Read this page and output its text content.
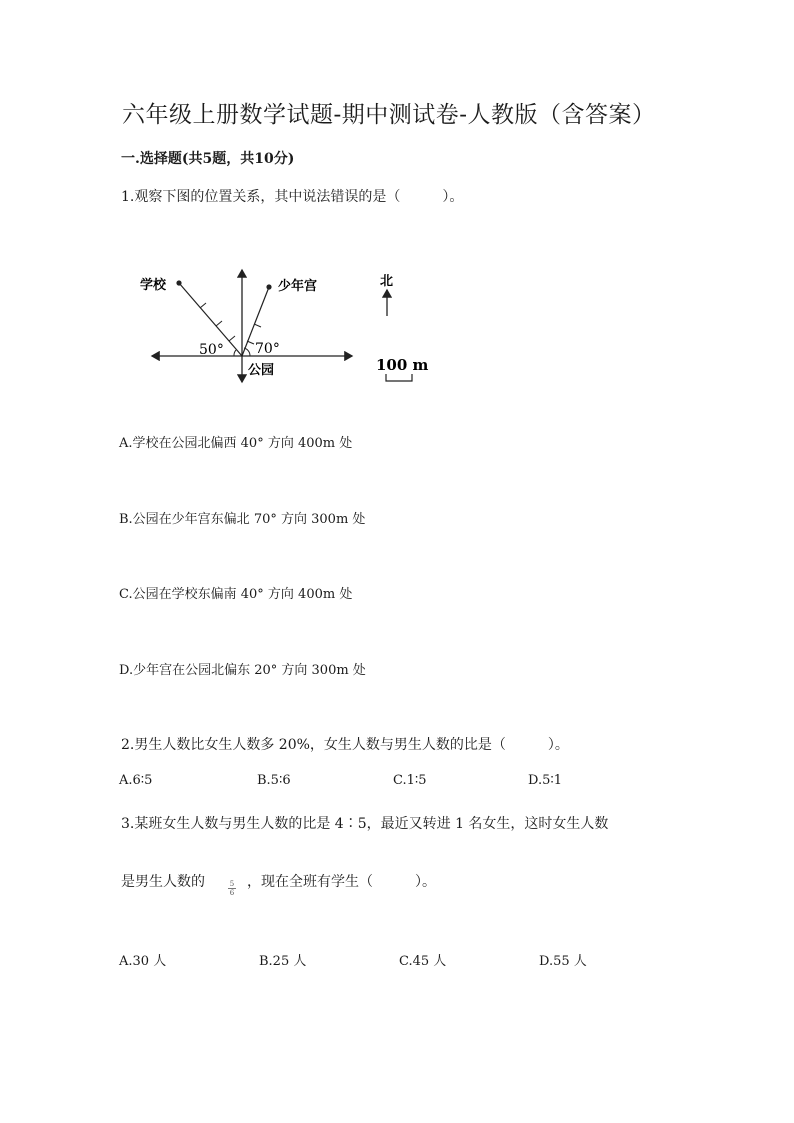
六年级上册数学试题-期中测试卷-人教版（含答案）
一.选择题(共5题，共10分)
1.观察下图的位置关系，其中说法错误的是（　　　）。
学校	少年宫
公园
50° 70°
北
100 m
A.学校在公园北偏西 40° 方向 400m 处
B.公园在少年宫东偏北 70° 方向 300m 处
C.公园在学校东偏南 40° 方向 400m 处
D.少年宫在公园北偏东 20° 方向 300m 处
2.男生人数比女生人数多 20%，女生人数与男生人数的比是（　　　）。
A.6∶5	B.5∶6	C.1∶5	D.5∶1
3.某班女生人数与男生人数的比是 4∶5，最近又转进 1 名女生，这时女生人数
是男生人数的	5
6
，现在全班有学生（　　　）。
A.30 人	B.25 人	C.45 人	D.55 人
